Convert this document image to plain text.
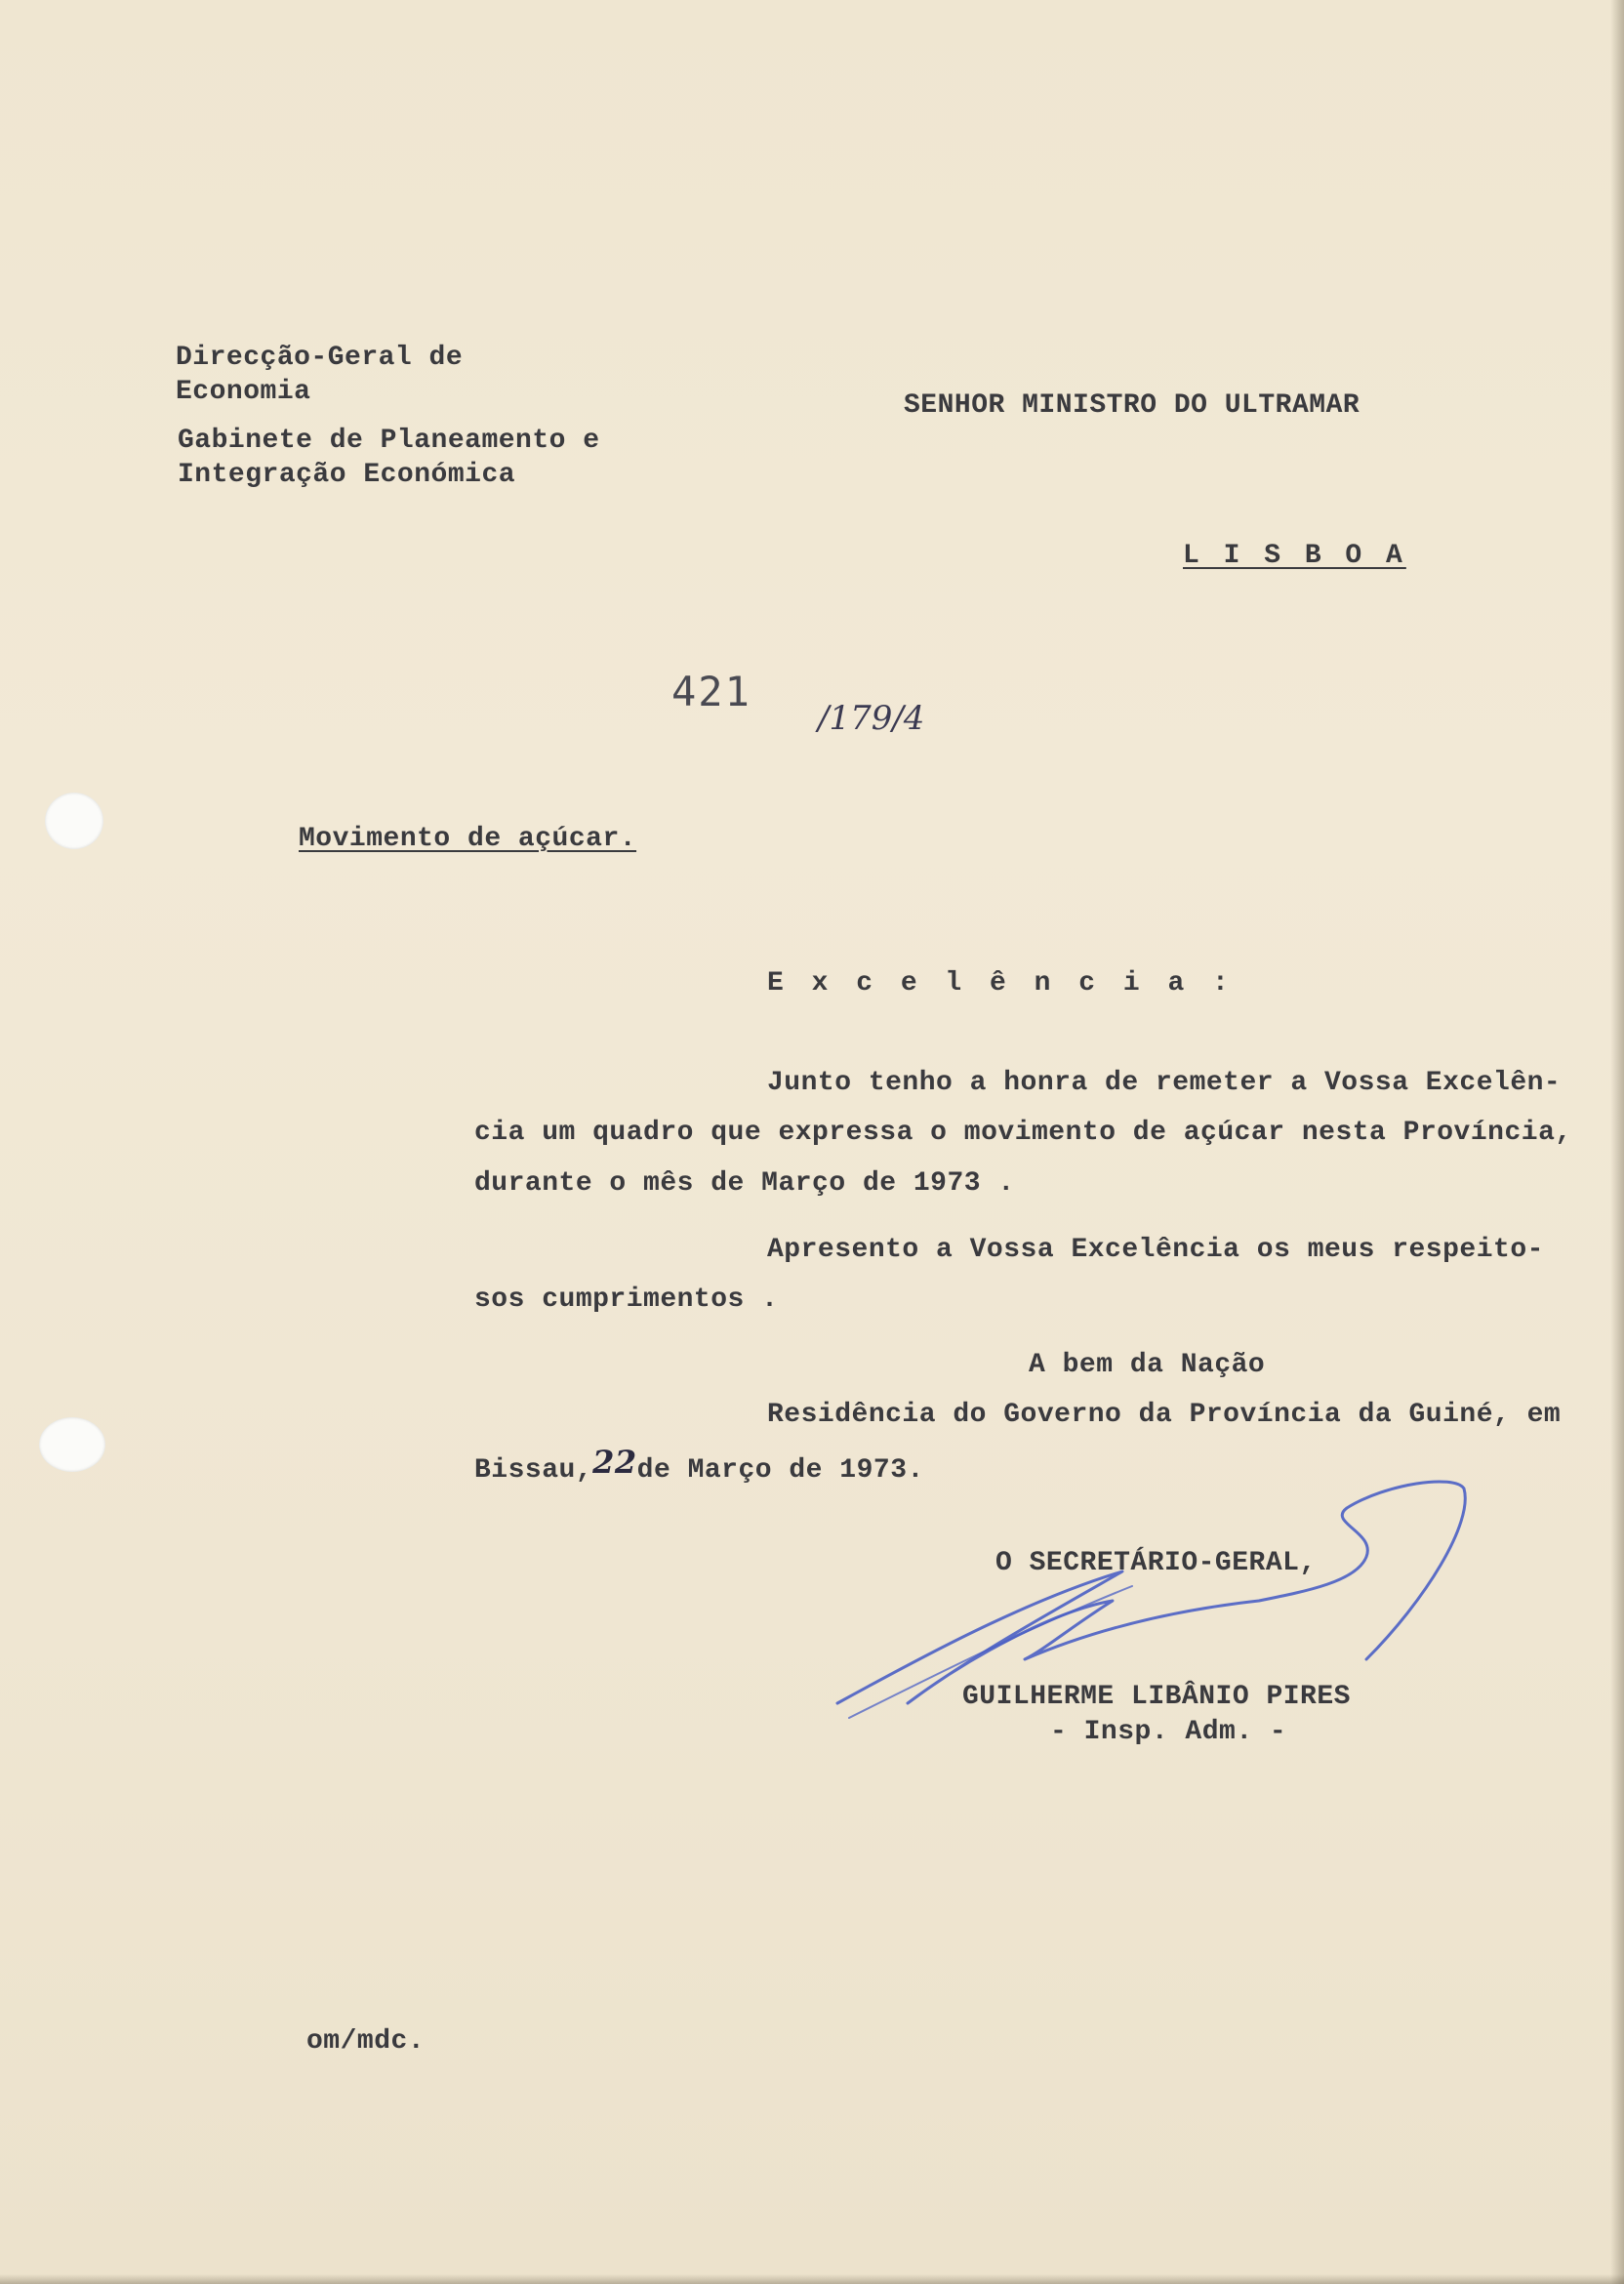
Direcção-Geral de
Economia
Gabinete de Planeamento e
Integração Económica
SENHOR MINISTRO DO ULTRAMAR
L I S B O A
421
/179/4
Movimento de açúcar.
E x c e l ê n c i a :
Junto tenho a honra de remeter a Vossa Excelên-
cia um quadro que expressa o movimento de açúcar nesta Província,
durante o mês de Março de 1973 .
Apresento a Vossa Excelência os meus respeito-
sos cumprimentos .
A bem da Nação
Residência do Governo da Província da Guiné, em
Bissau,22de Março de 1973.
O SECRETÁRIO-GERAL,
GUILHERME LIBÂNIO PIRES
- Insp. Adm. -
om/mdc.
